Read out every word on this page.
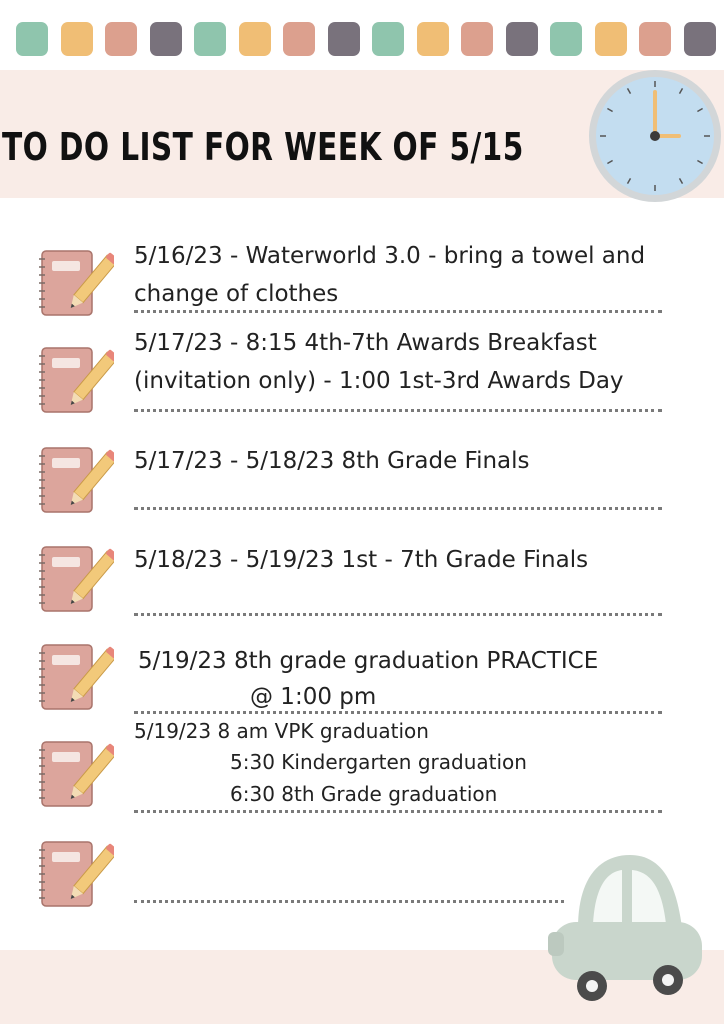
TO DO LIST FOR WEEK OF 5/15

5/16/23 - Waterworld 3.0 - bring a towel and

change of clothes

5/17/23 - 8:15 4th-7th Awards Breakfast

(invitation only) - 1:00 1st-3rd Awards Day

5/17/23 - 5/18/23 8th Grade Finals

5/18/23 - 5/19/23 1st - 7th Grade Finals

5/19/23 8th grade graduation PRACTICE

@ 1:00 pm

5/19/23 8 am VPK graduation

5:30 Kindergarten graduation

6:30 8th Grade graduation
